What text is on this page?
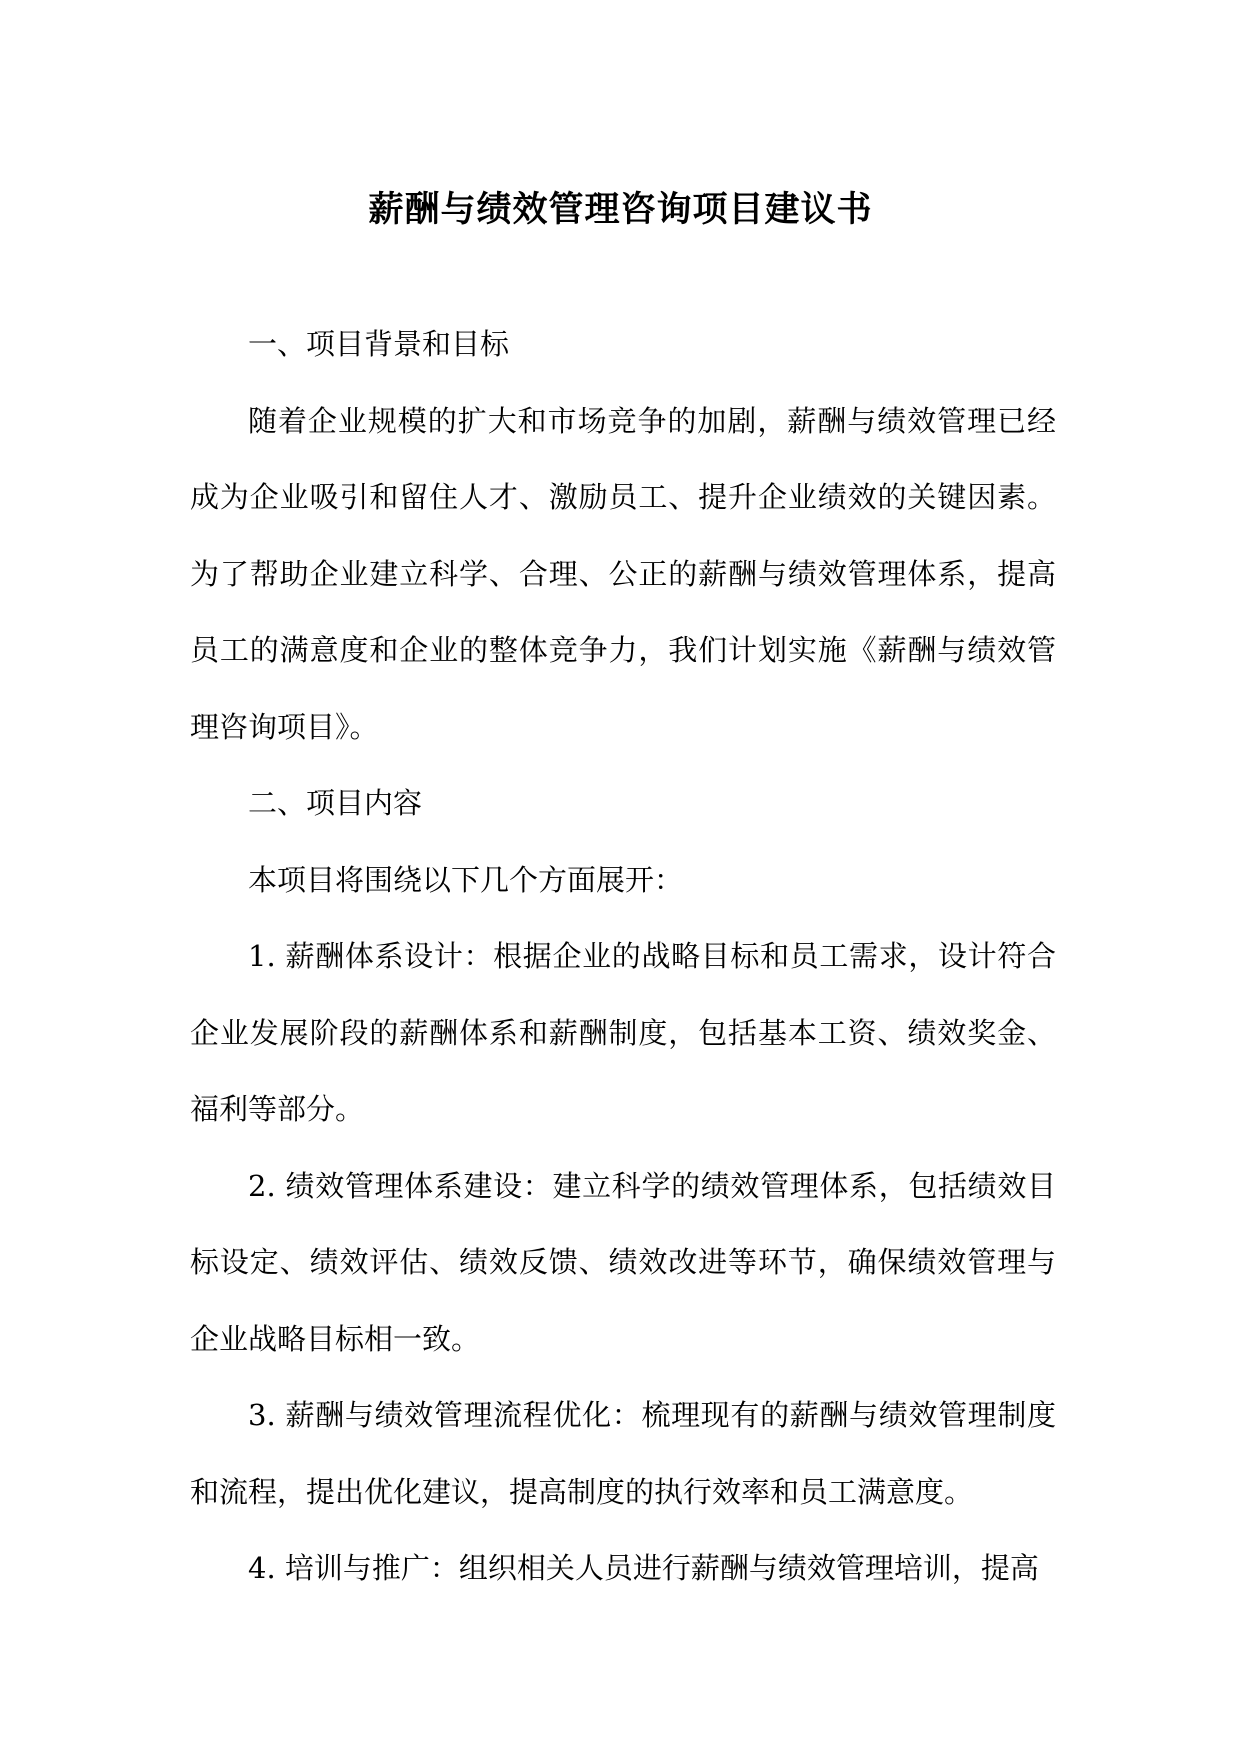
薪酬与绩效管理咨询项目建议书

一、项目背景和目标

随着企业规模的扩大和市场竞争的加剧，薪酬与绩效管理已经成为企业吸引和留住人才、激励员工、提升企业绩效的关键因素。为了帮助企业建立科学、合理、公正的薪酬与绩效管理体系，提高员工的满意度和企业的整体竞争力，我们计划实施《薪酬与绩效管理咨询项目》。

二、项目内容

本项目将围绕以下几个方面展开：

1. 薪酬体系设计：根据企业的战略目标和员工需求，设计符合企业发展阶段的薪酬体系和薪酬制度，包括基本工资、绩效奖金、福利等部分。

2. 绩效管理体系建设：建立科学的绩效管理体系，包括绩效目标设定、绩效评估、绩效反馈、绩效改进等环节，确保绩效管理与企业战略目标相一致。

3. 薪酬与绩效管理流程优化：梳理现有的薪酬与绩效管理制度和流程，提出优化建议，提高制度的执行效率和员工满意度。

4. 培训与推广：组织相关人员进行薪酬与绩效管理培训，提高
